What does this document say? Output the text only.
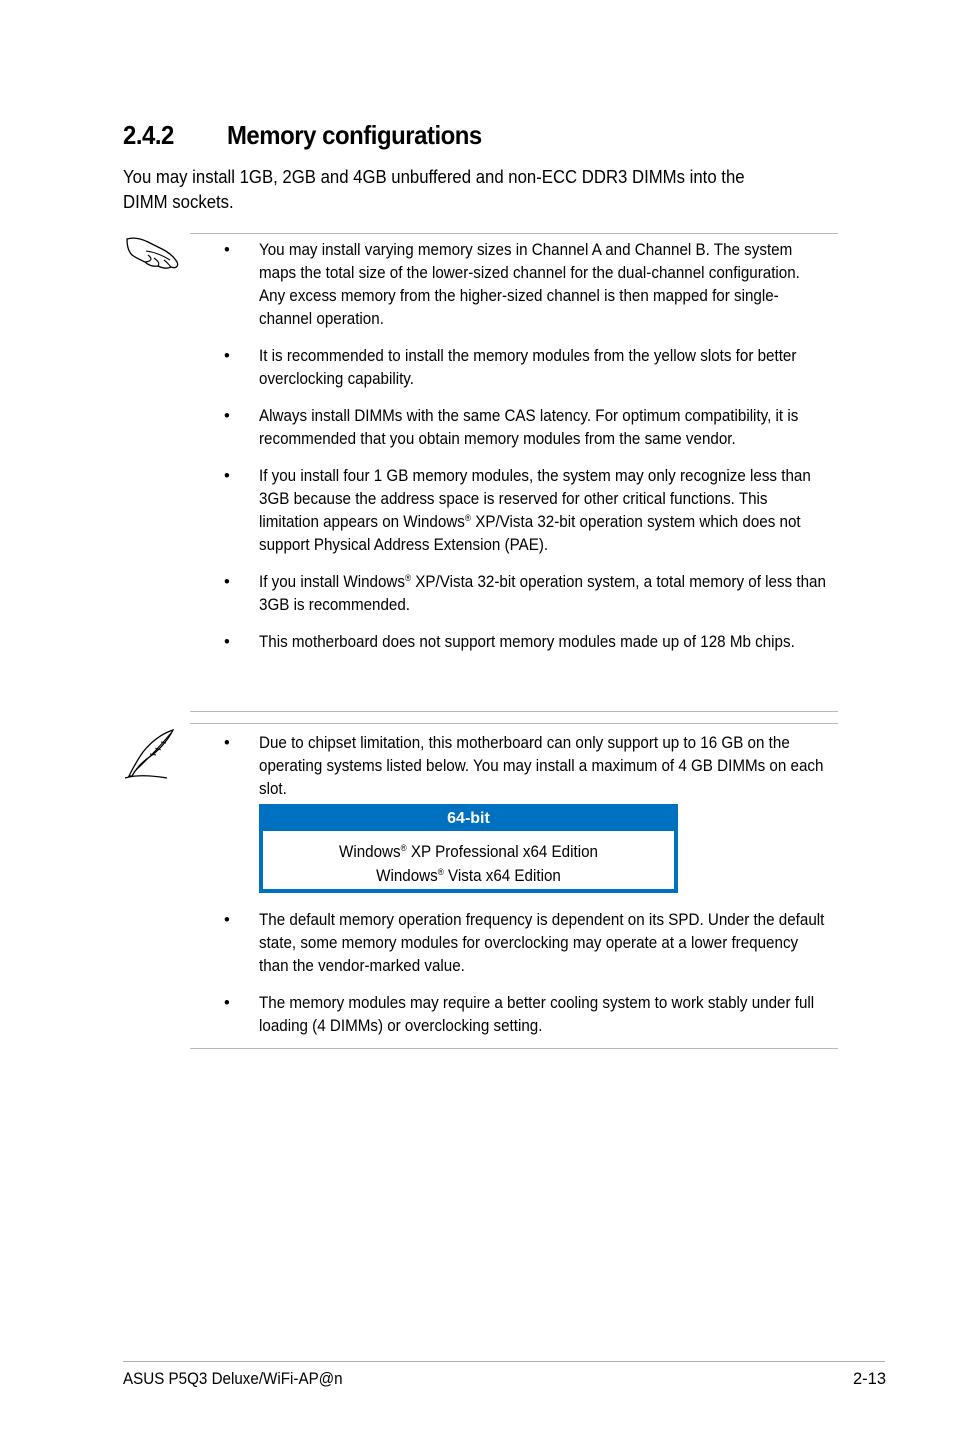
2.4.2 Memory configurations

You may install 1GB, 2GB and 4GB unbuffered and non-ECC DDR3 DIMMs into the DIMM sockets.

• You may install varying memory sizes in Channel A and Channel B. The system maps the total size of the lower-sized channel for the dual-channel configuration. Any excess memory from the higher-sized channel is then mapped for single-channel operation.
• It is recommended to install the memory modules from the yellow slots for better overclocking capability.
• Always install DIMMs with the same CAS latency. For optimum compatibility, it is recommended that you obtain memory modules from the same vendor.
• If you install four 1 GB memory modules, the system may only recognize less than 3GB because the address space is reserved for other critical functions. This limitation appears on Windows® XP/Vista 32-bit operation system which does not support Physical Address Extension (PAE).
• If you install Windows® XP/Vista 32-bit operation system, a total memory of less than 3GB is recommended.
• This motherboard does not support memory modules made up of 128 Mb chips.
• Due to chipset limitation, this motherboard can only support up to 16 GB on the operating systems listed below. You may install a maximum of 4 GB DIMMs on each slot.
64-bit
Windows® XP Professional x64 Edition
Windows® Vista x64 Edition
• The default memory operation frequency is dependent on its SPD. Under the default state, some memory modules for overclocking may operate at a lower frequency than the vendor-marked value.
• The memory modules may require a better cooling system to work stably under full loading (4 DIMMs) or overclocking setting.
ASUS P5Q3 Deluxe/WiFi-AP@n	2-13
